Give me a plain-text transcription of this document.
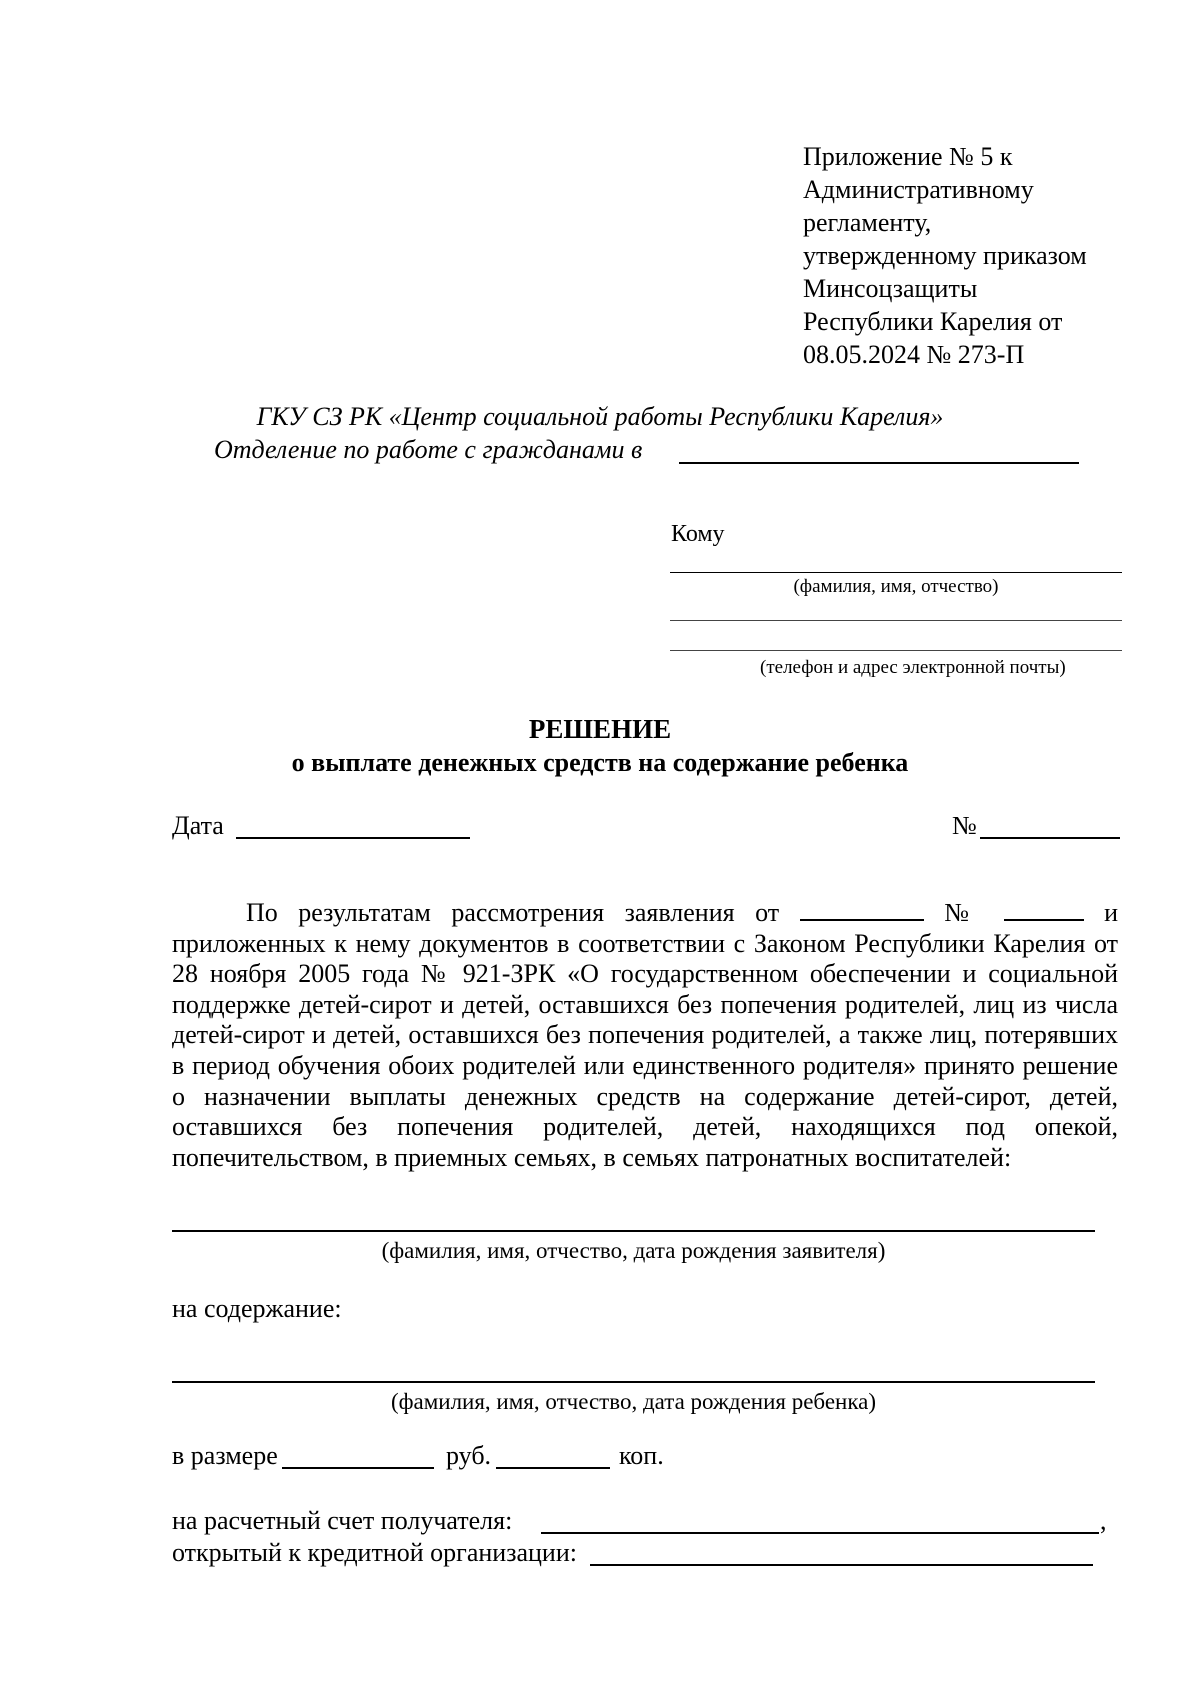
Приложение № 5 к
Административному
регламенту,
утвержденному приказом
Минсоцзащиты
Республики Карелия от
08.05.2024 № 273-П
ГКУ СЗ РК «Центр социальной работы Республики Карелия»
Отделение по работе с гражданами в
Кому
(фамилия, имя, отчество)
(телефон и адрес электронной почты)
РЕШЕНИЕ
о выплате денежных средств на содержание ребенка
Дата	№
По результатам рассмотрения заявления от	№	и
приложенных к нему документов в соответствии с Законом Республики Карелия от
28 ноября 2005 года № 921-ЗРК «О государственном обеспечении и социальной
поддержке детей-сирот и детей, оставшихся без попечения родителей, лиц из числа
детей-сирот и детей, оставшихся без попечения родителей, а также лиц, потерявших
в период обучения обоих родителей или единственного родителя» принято решение
о назначении выплаты денежных средств на содержание детей-сирот, детей,
оставшихся без попечения родителей, детей, находящихся под опекой,
попечительством, в приемных семьях, в семьях патронатных воспитателей:
(фамилия, имя, отчество, дата рождения заявителя)
на содержание:
(фамилия, имя, отчество, дата рождения ребенка)
в размере	руб.	коп.
на расчетный счет получателя:	,
открытый к кредитной организации:
